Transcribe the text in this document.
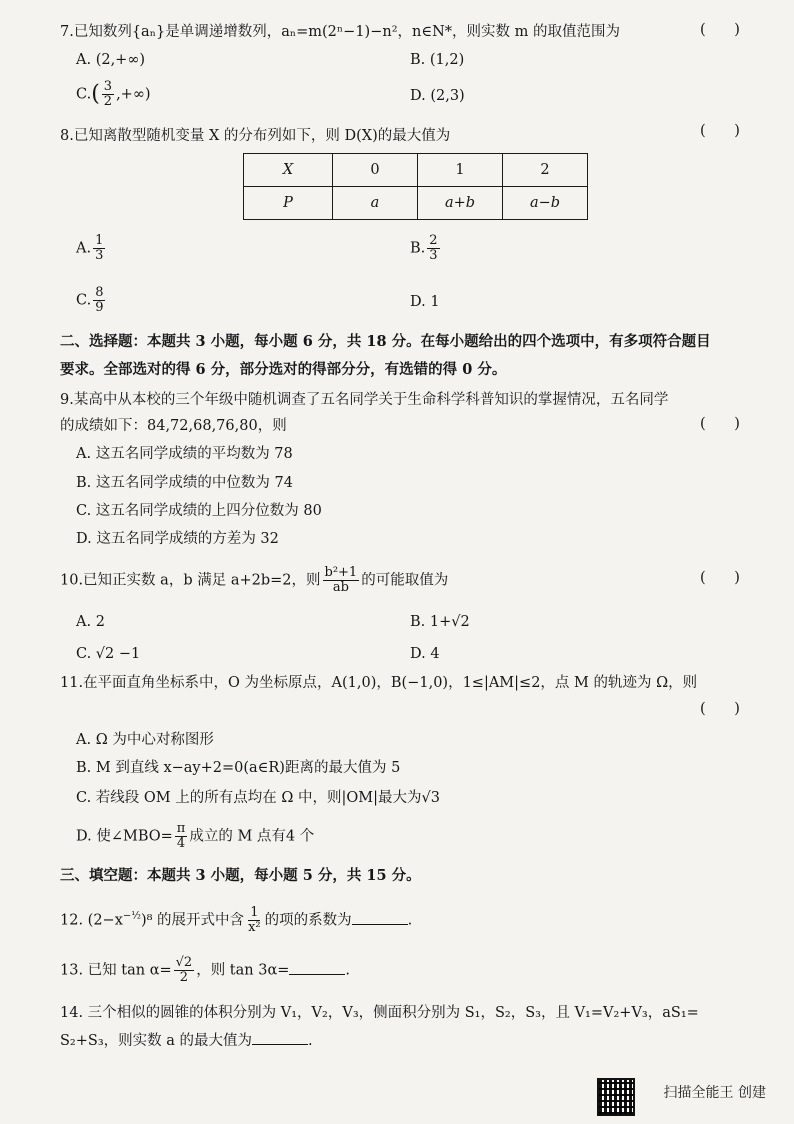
7.已知数列{aₙ}是单调递增数列，aₙ=m(2ⁿ−1)−n²，n∈N*，则实数 m 的取值范围为	( )
A. (2,+∞)	B. (1,2)
$C.( \frac{3}{2}$ ,+∞)	D. (2,3)
8.已知离散型随机变量 X 的分布列如下，则 D(X)的最大值为	( )
X	0	1	2
P	a	a+b	a−b
A. $\frac{1}{3}$	B. $\frac{2}{3}$
C. $\frac{8}{9}$	D. 1
二、选择题：本题共 3 小题，每小题 6 分，共 18 分。在每小题给出的四个选项中，有多项符合题目
要求。全部选对的得 6 分，部分选对的得部分分，有选错的得 0 分。
9.某高中从本校的三个年级中随机调查了五名同学关于生命科学科普知识的掌握情况，五名同学
的成绩如下：84,72,68,76,80，则	( )
A. 这五名同学成绩的平均数为 78
B. 这五名同学成绩的中位数为 74
C. 这五名同学成绩的上四分位数为 80
D. 这五名同学成绩的方差为 32
10.已知正实数 a，b 满足 a+2b=2，则 $\frac{\text{b²+1}}{ab}$ 的可能取值为	( )
A. 2	B. 1+√2
C. √2 −1	D. 4
11.在平面直角坐标系中，O 为坐标原点，A(1,0)，B(−1,0)，1≤|AM|≤2，点 M 的轨迹为 Ω，则
( )
A. Ω 为中心对称图形
B. M 到直线 x−ay+2=0(a∈R)距离的最大值为 5
C. 若线段 OM 上的所有点均在 Ω 中，则|OM|最大为√3
D. 使∠MBO= $\frac{\pi}{4}$ 成立的 M 点有4 个
三、填空题：本题共 3 小题，每小题 5 分，共 15 分。
12. $(2-x^{-\frac{1}{2}})^8$ 的展开式中含 $\frac{1}{\text{x²}}$ 的项的系数为	.
13. 已知 $\tan \alpha= \frac{√2}{2}$ ，则 tan 3α=	.
14. 三个相似的圆锥的体积分别为 V₁，V₂，V₃，侧面积分别为 S₁，S₂，S₃，且 V₁=V₂+V₃，aS₁=
S₂+S₃，则实数 a 的最大值为	.
扫描全能王 创建
